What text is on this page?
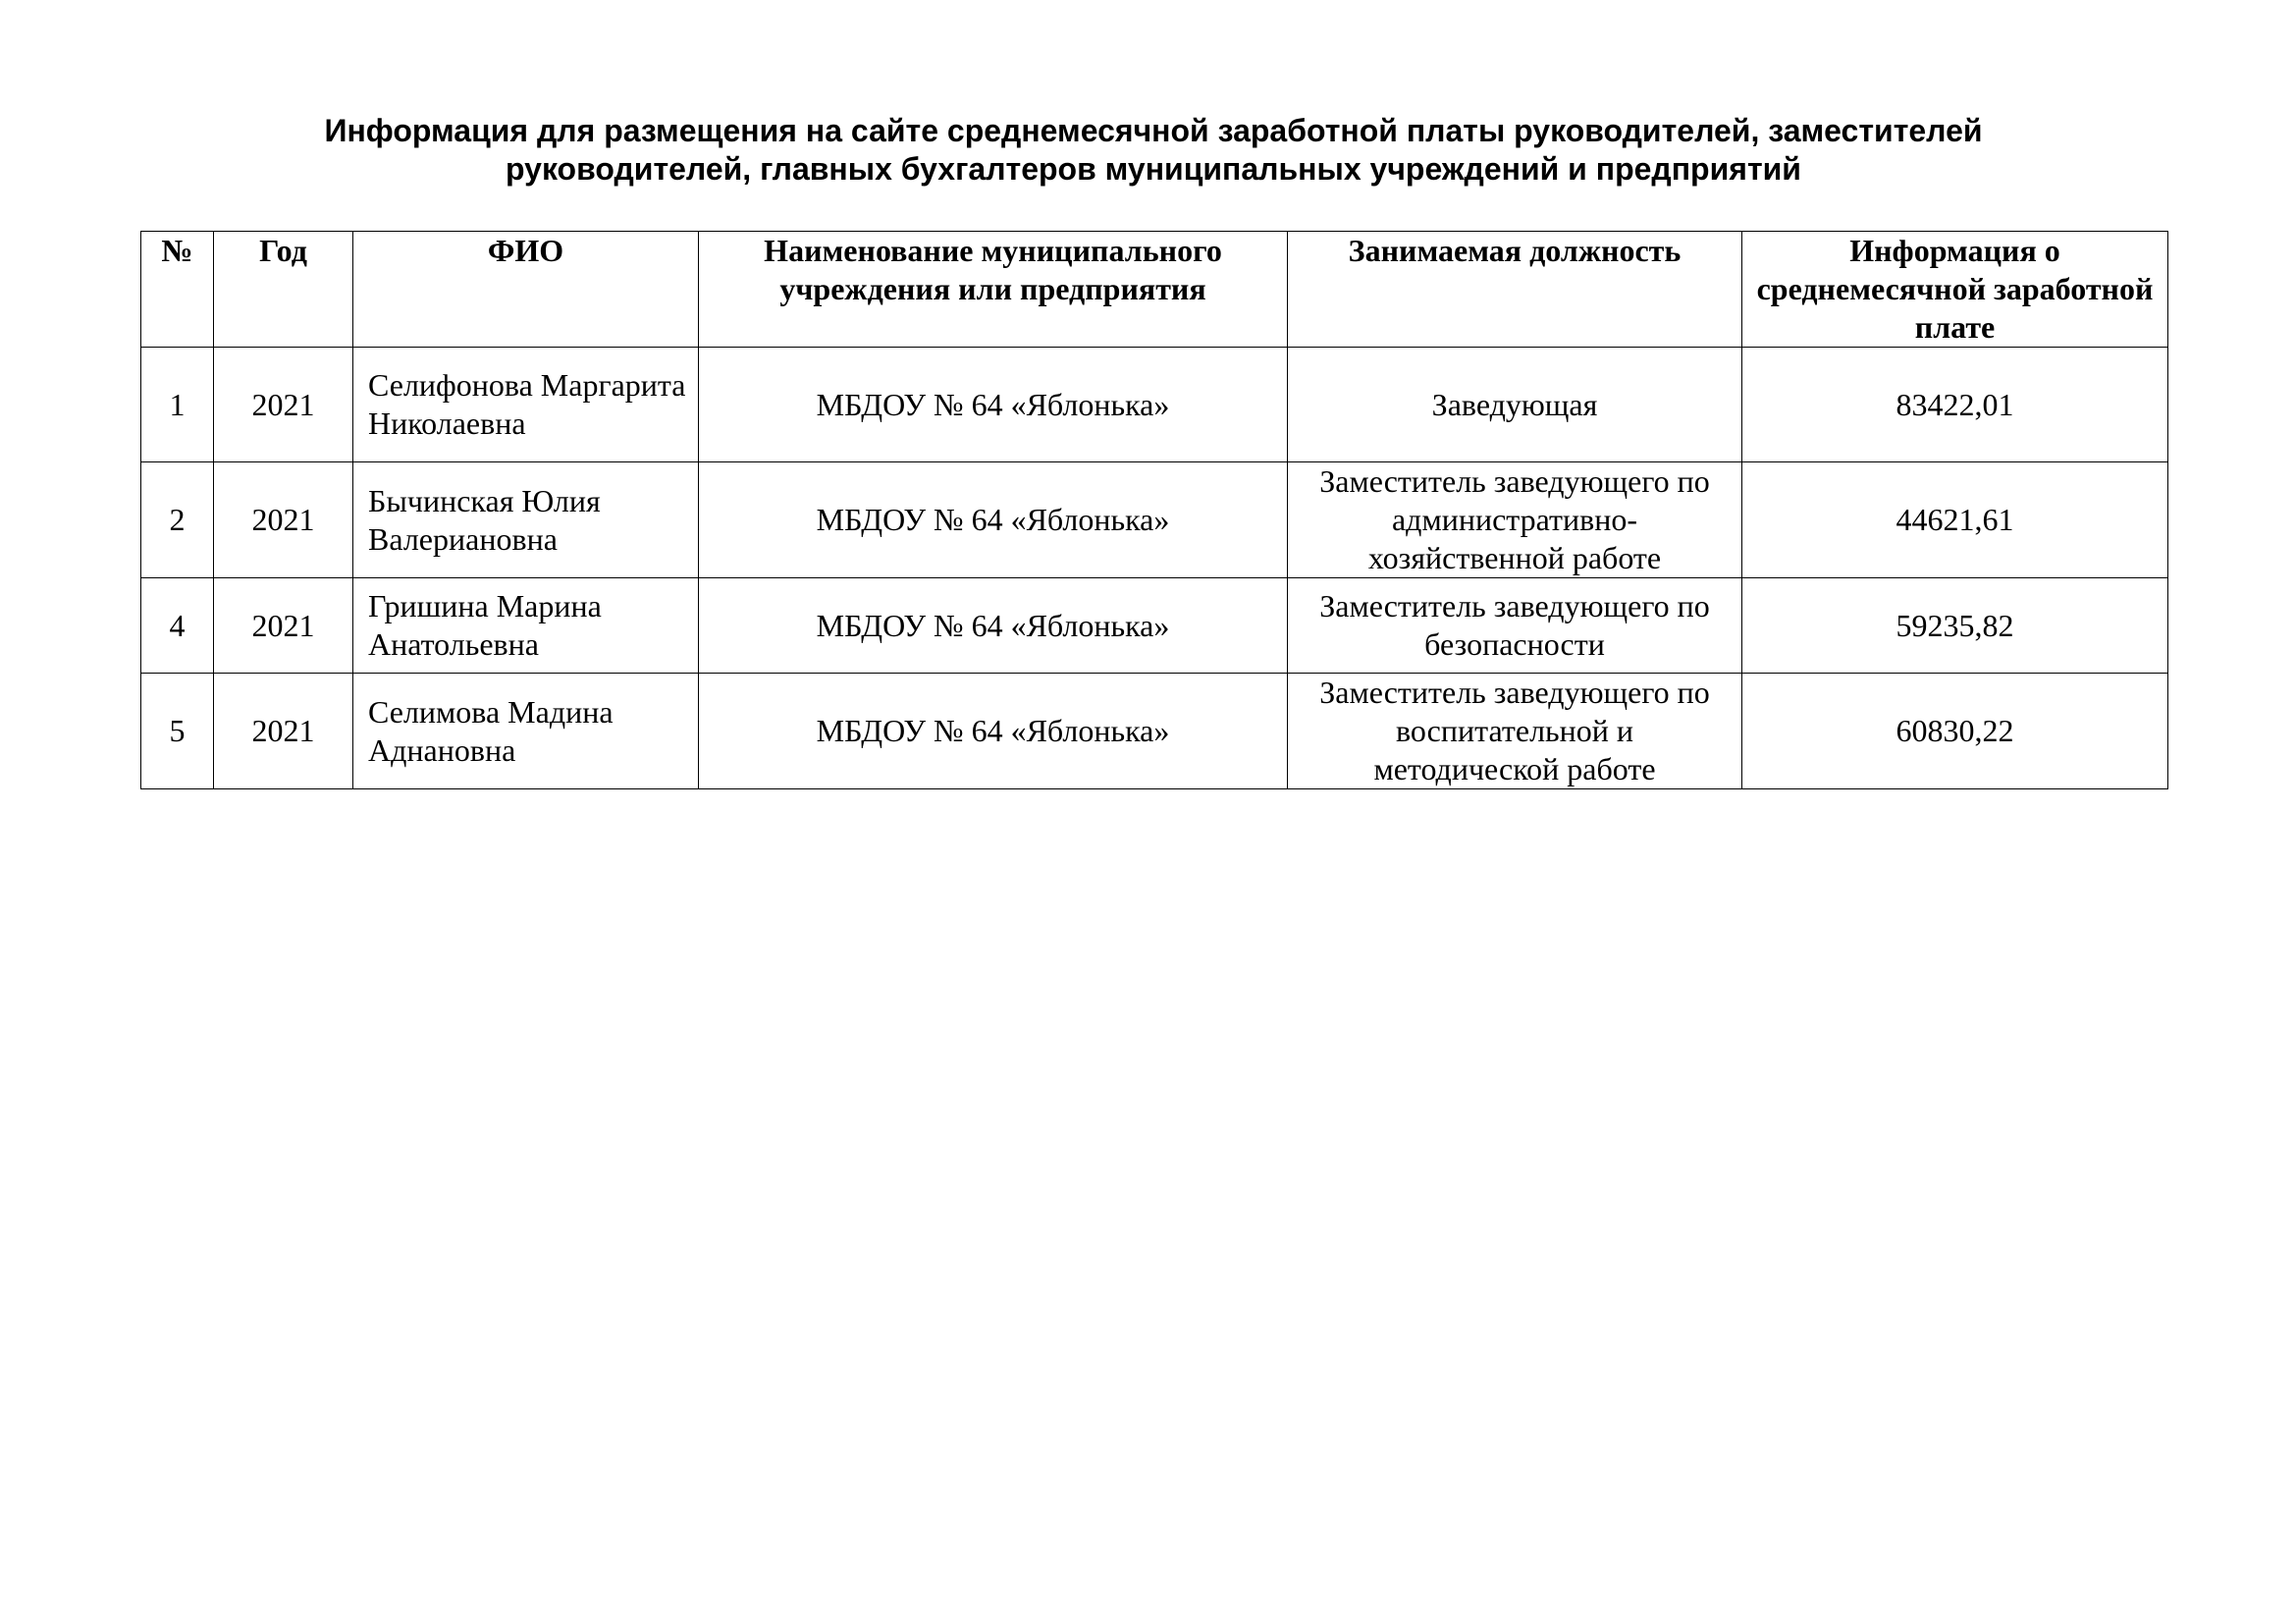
Информация для размещения на сайте среднемесячной заработной платы руководителей, заместителей
руководителей, главных бухгалтеров муниципальных учреждений и предприятий
№	Год	ФИО	Наименование муниципального учреждения или предприятия	Занимаемая должность	Информация о среднемесячной заработной плате
1	2021	Селифонова Маргарита Николаевна	МБДОУ № 64 «Яблонька»	Заведующая	83422,01
2	2021	Бычинская Юлия Валериановна	МБДОУ № 64 «Яблонька»	Заместитель заведующего по административно-хозяйственной работе	44621,61
4	2021	Гришина Марина Анатольевна	МБДОУ № 64 «Яблонька»	Заместитель заведующего по безопасности	59235,82
5	2021	Селимова Мадина Аднановна	МБДОУ № 64 «Яблонька»	Заместитель заведующего по воспитательной и методической работе	60830,22
